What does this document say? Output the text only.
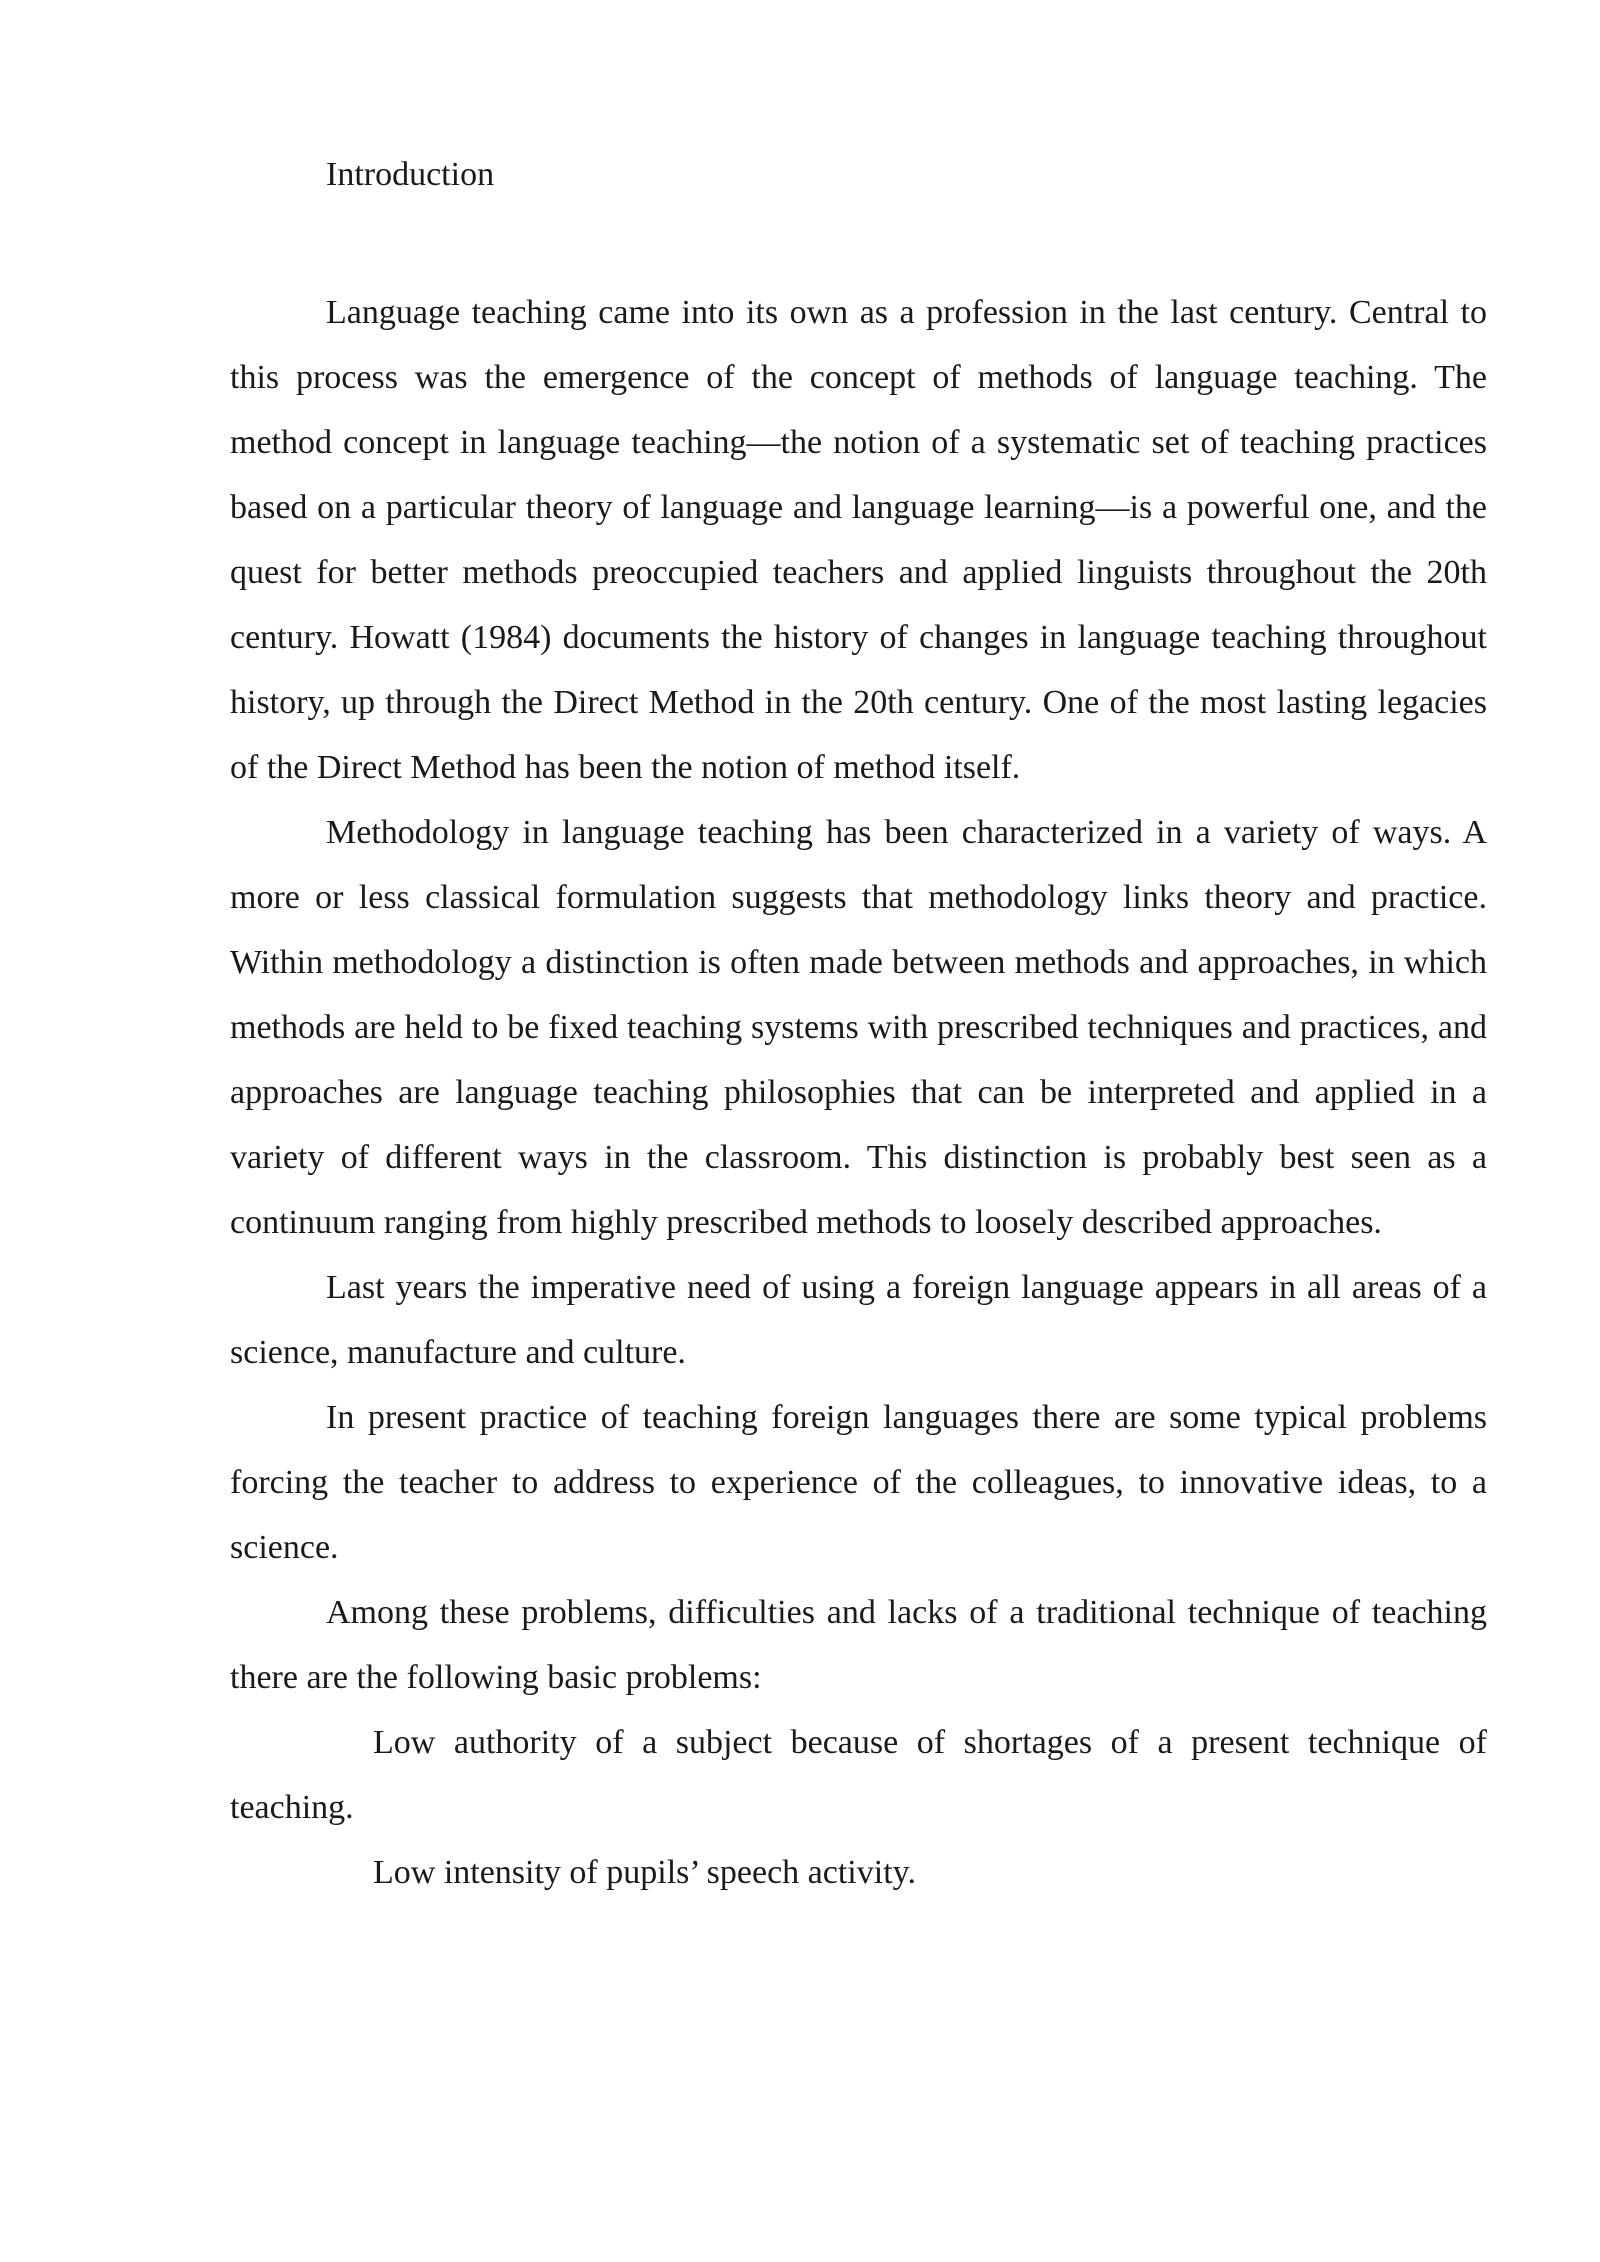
Introduction

Language teaching came into its own as a profession in the last century. Central to this process was the emergence of the concept of methods of language teaching. The method concept in language teaching—the notion of a systematic set of teaching practices based on a particular theory of language and language learning—is a powerful one, and the quest for better methods preoccupied teachers and applied linguists throughout the 20th century. Howatt (1984) documents the history of changes in language teaching throughout history, up through the Direct Method in the 20th century. One of the most lasting legacies of the Direct Method has been the notion of method itself.

Methodology in language teaching has been characterized in a variety of ways. A more or less classical formulation suggests that methodology links theory and practice. Within methodology a distinction is often made between methods and approaches, in which methods are held to be fixed teaching systems with prescribed techniques and practices, and approaches are language teaching philosophies that can be interpreted and applied in a variety of different ways in the classroom. This distinction is probably best seen as a continuum ranging from highly prescribed methods to loosely described approaches.

Last years the imperative need of using a foreign language appears in all areas of a science, manufacture and culture.

In present practice of teaching foreign languages there are some typical problems forcing the teacher to address to experience of the colleagues, to innovative ideas, to a science.

Among these problems, difficulties and lacks of a traditional technique of teaching there are the following basic problems:

Low authority of a subject because of shortages of a present technique of teaching.

Low intensity of pupils’ speech activity.
